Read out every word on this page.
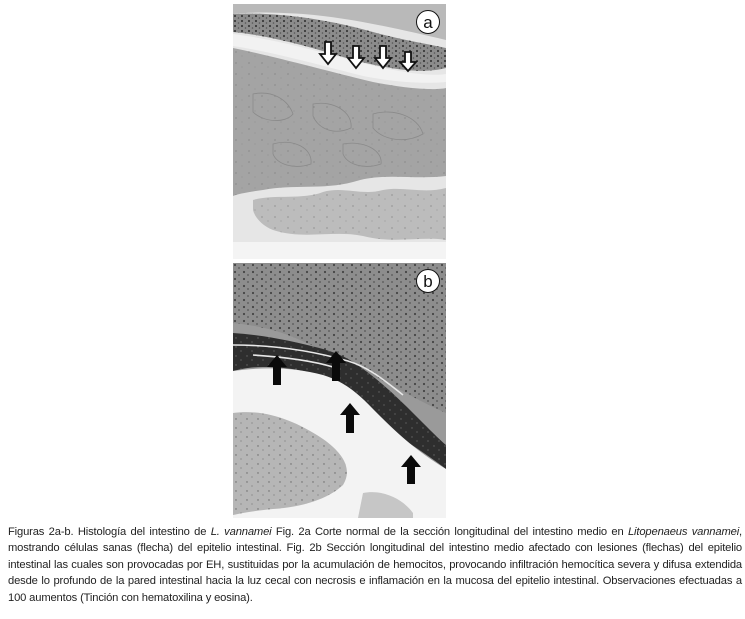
a
b
Figuras 2a-b. Histología del intestino de L. vannamei Fig. 2a Corte normal de la sección longitudinal del intestino medio en Litopenaeus vannamei, mostrando células sanas (flecha) del epitelio intestinal. Fig. 2b Sección longitudinal del intestino medio afectado con lesiones (flechas) del epitelio intestinal las cuales son provocadas por EH, sustituidas por la acumulación de hemocitos, provocando infiltración hemocítica severa y difusa extendida desde lo profundo de la pared intestinal hacia la luz cecal con necrosis e inflamación en la mucosa del epitelio intestinal. Observaciones efectuadas a 100 aumentos (Tinción con hematoxilina y eosina).
